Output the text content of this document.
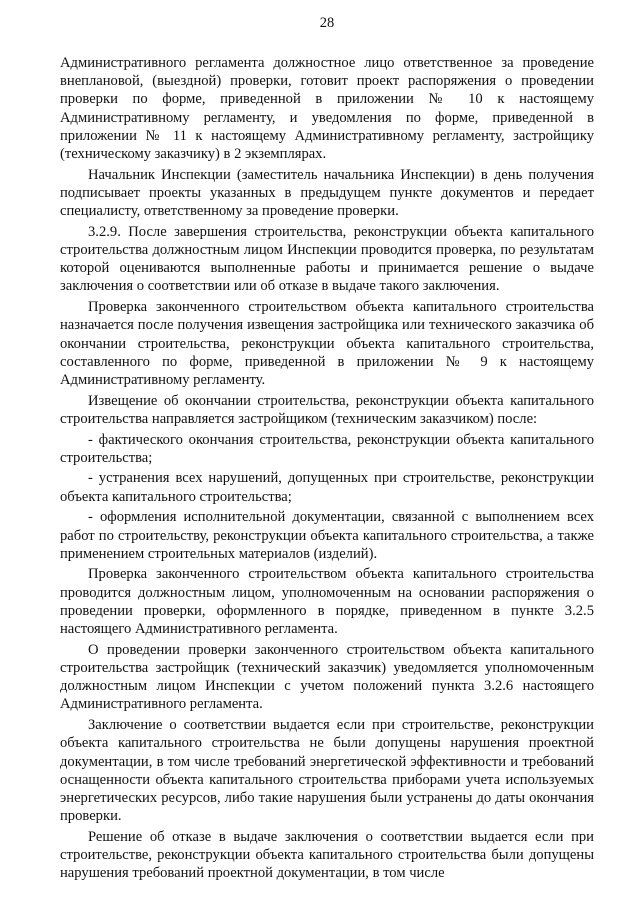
28

Административного регламента должностное лицо ответственное за проведение внеплановой, (выездной) проверки, готовит проект распоряжения о проведении проверки по форме, приведенной в приложении № 10 к настоящему Административному регламенту, и уведомления по форме, приведенной в приложении № 11 к настоящему Административному регламенту, застройщику (техническому заказчику) в 2 экземплярах.

Начальник Инспекции (заместитель начальника Инспекции) в день получения подписывает проекты указанных в предыдущем пункте документов и передает специалисту, ответственному за проведение проверки.

3.2.9. После завершения строительства, реконструкции объекта капитального строительства должностным лицом Инспекции проводится проверка, по результатам которой оцениваются выполненные работы и принимается решение о выдаче заключения о соответствии или об отказе в выдаче такого заключения.

Проверка законченного строительством объекта капитального строительства назначается после получения извещения застройщика или технического заказчика об окончании строительства, реконструкции объекта капитального строительства, составленного по форме, приведенной в приложении № 9 к настоящему Административному регламенту.

Извещение об окончании строительства, реконструкции объекта капитального строительства направляется застройщиком (техническим заказчиком) после:

- фактического окончания строительства, реконструкции объекта капитального строительства;

- устранения всех нарушений, допущенных при строительстве, реконструкции объекта капитального строительства;

- оформления исполнительной документации, связанной с выполнением всех работ по строительству, реконструкции объекта капитального строительства, а также применением строительных материалов (изделий).

Проверка законченного строительством объекта капитального строительства проводится должностным лицом, уполномоченным на основании распоряжения о проведении проверки, оформленного в порядке, приведенном в пункте 3.2.5 настоящего Административного регламента.

О проведении проверки законченного строительством объекта капитального строительства застройщик (технический заказчик) уведомляется уполномоченным должностным лицом Инспекции с учетом положений пункта 3.2.6 настоящего Административного регламента.

Заключение о соответствии выдается если при строительстве, реконструкции объекта капитального строительства не были допущены нарушения проектной документации, в том числе требований энергетической эффективности и требований оснащенности объекта капитального строительства приборами учета используемых энергетических ресурсов, либо такие нарушения были устранены до даты окончания проверки.

Решение об отказе в выдаче заключения о соответствии выдается если при строительстве, реконструкции объекта капитального строительства были допущены нарушения требований проектной документации, в том числе
